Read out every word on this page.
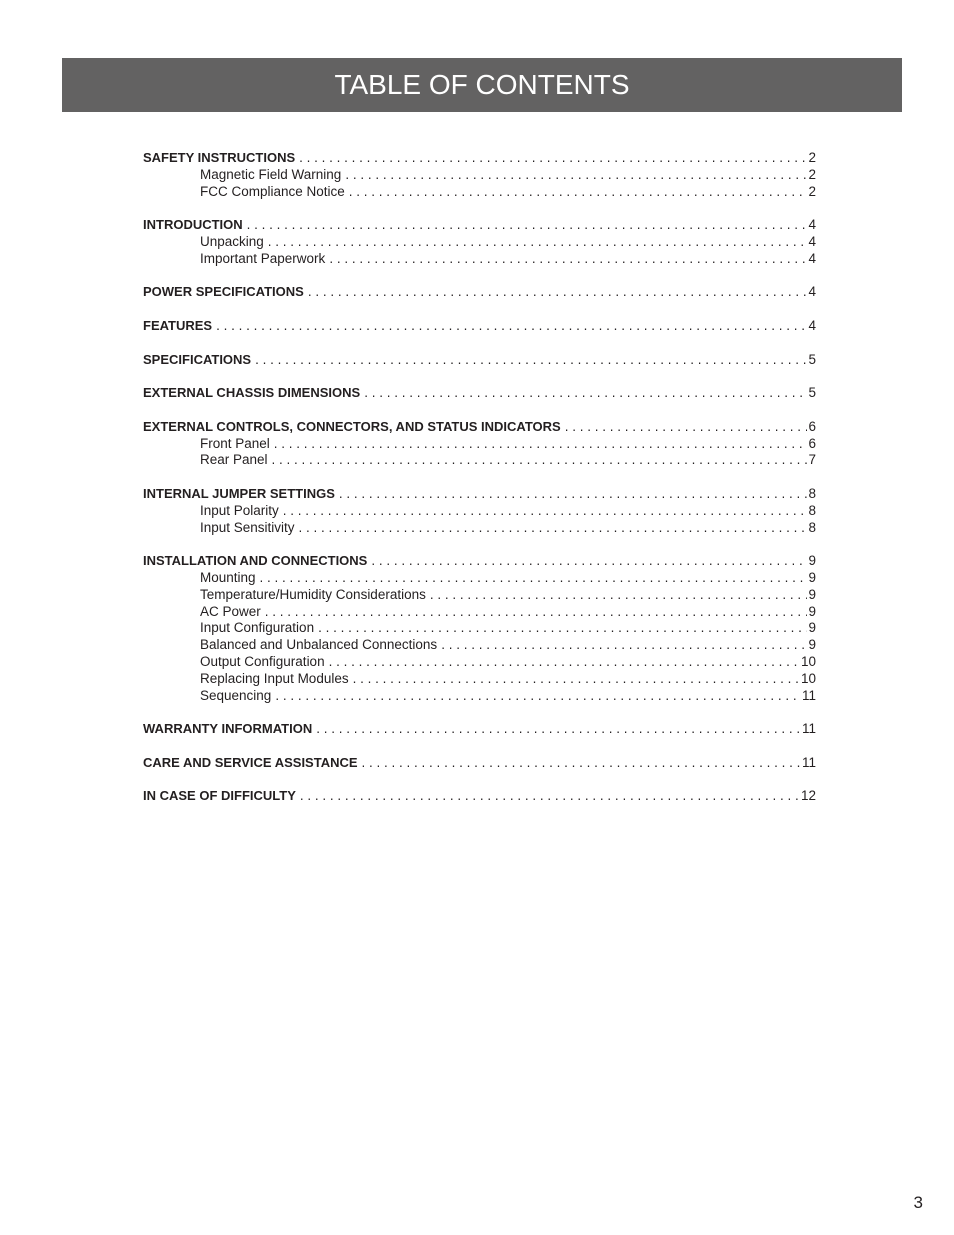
TABLE OF CONTENTS
SAFETY INSTRUCTIONS . . .	2
Magnetic Field Warning . . .	2
FCC Compliance Notice . . .	2
INTRODUCTION . . .	4
Unpacking . . .	4
Important Paperwork . . .	4
POWER SPECIFICATIONS . . .	4
FEATURES . . .	4
SPECIFICATIONS . . .	5
EXTERNAL CHASSIS DIMENSIONS . . .	5
EXTERNAL CONTROLS, CONNECTORS, AND STATUS INDICATORS . . .	6
Front Panel . . .	6
Rear Panel . . .	7
INTERNAL JUMPER SETTINGS . . .	8
Input Polarity . . .	8
Input Sensitivity . . .	8
INSTALLATION AND CONNECTIONS . . .	9
Mounting . . .	9
Temperature/Humidity Considerations . . .	9
AC Power . . .	9
Input Configuration . . .	9
Balanced and Unbalanced Connections . . .	9
Output Configuration . . .	10
Replacing Input Modules . . .	10
Sequencing . . .	11
WARRANTY INFORMATION . . .	11
CARE AND SERVICE ASSISTANCE . . .	11
IN CASE OF DIFFICULTY . . .	12
3
